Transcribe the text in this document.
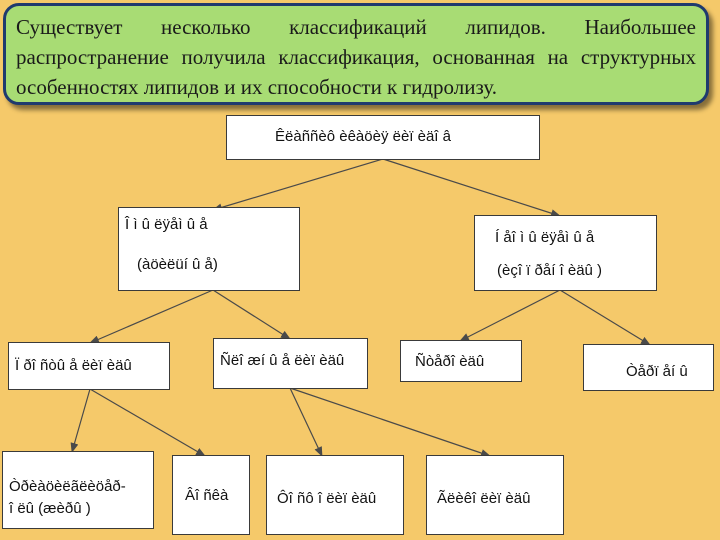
Существует несколько классификаций липидов. Наибольшее распространение получила классификация, основанная на структурных особенностях липидов и их способности к гидролизу.
Êëàññèô èêàöèÿ ëèï èäî â
Î ì û ëÿåì û å
(àöèëüí û å)
Í åî ì û ëÿåì û å
(èçî ï ðåí î èäû )
Ï ðî ñòû å ëèï èäû	Ñëî æí û å ëèï èäû	Ñòåðî èäû
Òåðï åí û
Òðèàöèëãëèöåð-
î ëû (æèðû )
Âî ñêà	Ôî ñô î ëèï èäû	Ãëèêî ëèï èäû
